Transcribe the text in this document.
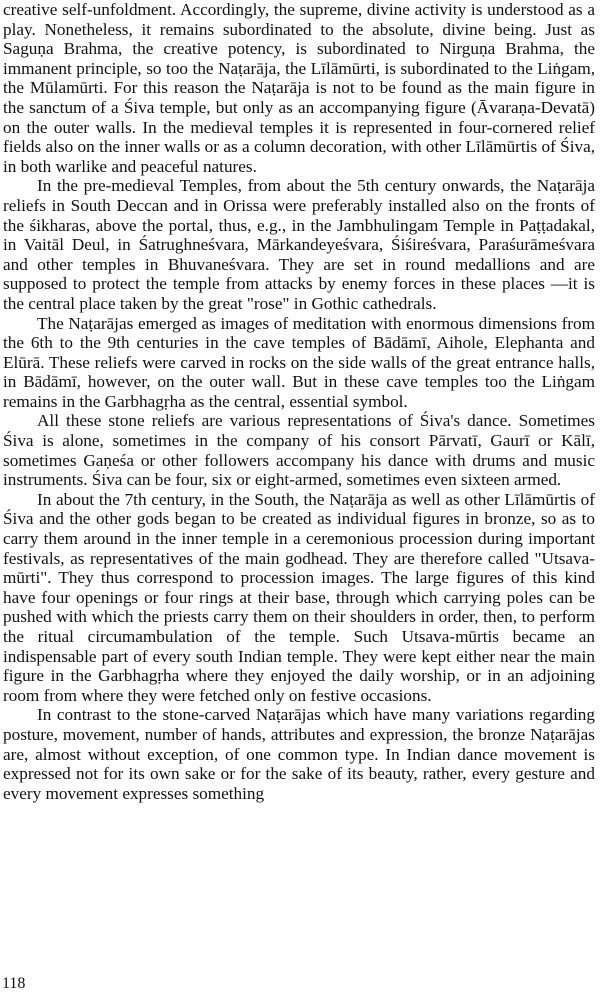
creative self-unfoldment. Accordingly, the supreme, divine activity is understood as a play. Nonetheless, it remains subordinated to the absolute, divine being. Just as Saguṇa Brahma, the creative potency, is subordinated to Nirguṇa Brahma, the immanent principle, so too the Naṭarāja, the Līlāmūrti, is subordinated to the Liṅgam, the Mūlamūrti. For this reason the Naṭarāja is not to be found as the main figure in the sanctum of a Śiva temple, but only as an accompanying figure (Āvaraṇa-Devatā) on the outer walls. In the medieval temples it is represented in four-cornered relief fields also on the inner walls or as a column decoration, with other Līlāmūrtis of Śiva, in both warlike and peaceful natures.

In the pre-medieval Temples, from about the 5th century onwards, the Naṭarāja reliefs in South Deccan and in Orissa were preferably installed also on the fronts of the śikharas, above the portal, thus, e.g., in the Jambhulingam Temple in Paṭṭadakal, in Vaitāl Deul, in Śatrughneśvara, Mārkandeyeśvara, Śiśireśvara, Paraśurāmeśvara and other temples in Bhuvaneśvara. They are set in round medallions and are supposed to protect the temple from attacks by enemy forces in these places —it is the central place taken by the great "rose" in Gothic cathedrals.

The Naṭarājas emerged as images of meditation with enormous dimensions from the 6th to the 9th centuries in the cave temples of Bādāmī, Aihole, Elephanta and Elūrā. These reliefs were carved in rocks on the side walls of the great entrance halls, in Bādāmī, however, on the outer wall. But in these cave temples too the Liṅgam remains in the Garbhagṛha as the central, essential symbol.

All these stone reliefs are various representations of Śiva's dance. Sometimes Śiva is alone, sometimes in the company of his consort Pārvatī, Gaurī or Kālī, sometimes Gaṇeśa or other followers accompany his dance with drums and music instruments. Śiva can be four, six or eight-armed, sometimes even sixteen armed.

In about the 7th century, in the South, the Naṭarāja as well as other Līlāmūrtis of Śiva and the other gods began to be created as individual figures in bronze, so as to carry them around in the inner temple in a ceremonious procession during important festivals, as representatives of the main godhead. They are therefore called "Utsava-mūrti". They thus correspond to procession images. The large figures of this kind have four openings or four rings at their base, through which carrying poles can be pushed with which the priests carry them on their shoulders in order, then, to perform the ritual circumambulation of the temple. Such Utsava-mūrtis became an indispensable part of every south Indian temple. They were kept either near the main figure in the Garbhagṛha where they enjoyed the daily worship, or in an adjoining room from where they were fetched only on festive occasions.

In contrast to the stone-carved Naṭarājas which have many variations regarding posture, movement, number of hands, attributes and expression, the bronze Naṭarājas are, almost without exception, of one common type. In Indian dance movement is expressed not for its own sake or for the sake of its beauty, rather, every gesture and every movement expresses something

118
